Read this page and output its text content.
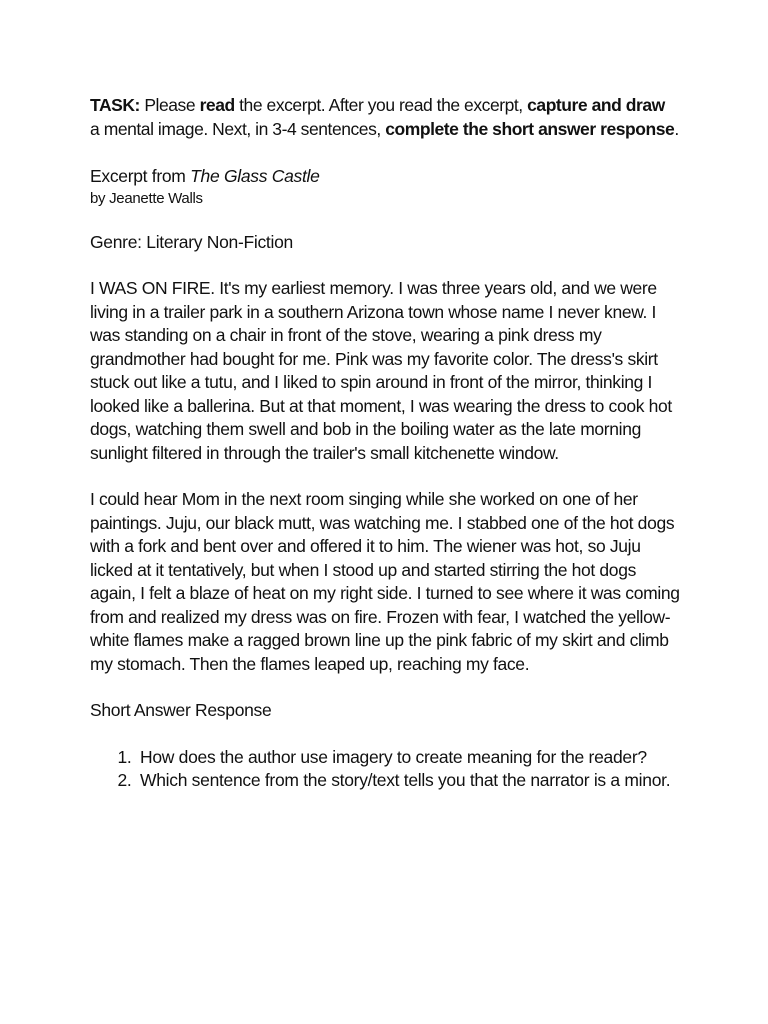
TASK: Please read the excerpt. After you read the excerpt, capture and draw
a mental image. Next, in 3-4 sentences, complete the short answer response.

Excerpt from The Glass Castle

by Jeanette Walls

Genre: Literary Non-Fiction

I WAS ON FIRE. It's my earliest memory. I was three years old, and we were
living in a trailer park in a southern Arizona town whose name I never knew. I
was standing on a chair in front of the stove, wearing a pink dress my
grandmother had bought for me. Pink was my favorite color. The dress's skirt
stuck out like a tutu, and I liked to spin around in front of the mirror, thinking I
looked like a ballerina. But at that moment, I was wearing the dress to cook hot
dogs, watching them swell and bob in the boiling water as the late morning
sunlight filtered in through the trailer's small kitchenette window.

I could hear Mom in the next room singing while she worked on one of her
paintings. Juju, our black mutt, was watching me. I stabbed one of the hot dogs
with a fork and bent over and offered it to him. The wiener was hot, so Juju
licked at it tentatively, but when I stood up and started stirring the hot dogs
again, I felt a blaze of heat on my right side. I turned to see where it was coming
from and realized my dress was on fire. Frozen with fear, I watched the yellow-
white flames make a ragged brown line up the pink fabric of my skirt and climb
my stomach. Then the flames leaped up, reaching my face.

Short Answer Response

1. How does the author use imagery to create meaning for the reader?
2. Which sentence from the story/text tells you that the narrator is a minor.
